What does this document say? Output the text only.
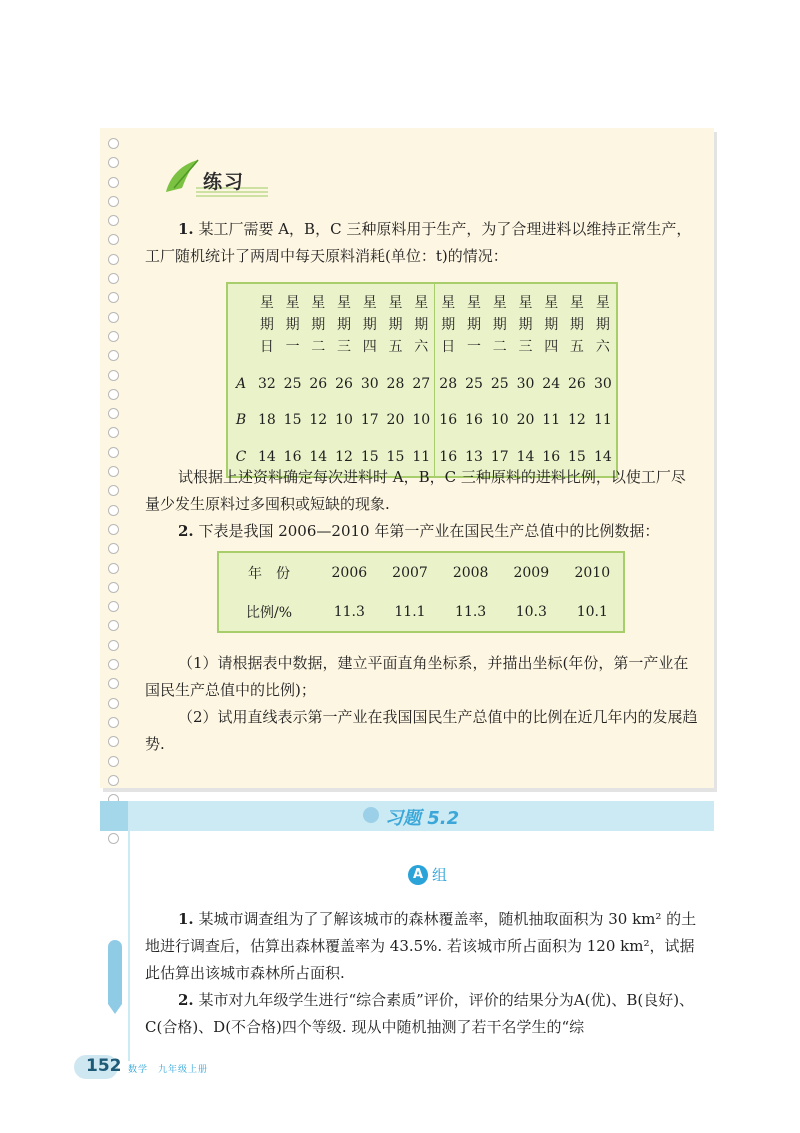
练习

1. 某工厂需要 A，B，C 三种原料用于生产，为了合理进料以维持正常生产，工厂随机统计了两周中每天原料消耗(单位：t)的情况：

	星期日	星期一	星期二	星期三	星期四	星期五	星期六	星期日	星期一	星期二	星期三	星期四	星期五	星期六
A	32	25	26	26	30	28	27	28	25	25	30	24	26	30
B	18	15	12	10	17	20	10	16	16	10	20	11	12	11
C	14	16	14	12	15	15	11	16	13	17	14	16	15	14

试根据上述资料确定每次进料时 A，B，C 三种原料的进料比例，以使工厂尽量少发生原料过多囤积或短缺的现象.

2. 下表是我国 2006—2010 年第一产业在国民生产总值中的比例数据：

年　份	2006	2007	2008	2009	2010
比例/%	11.3	11.1	11.3	10.3	10.1

（1）请根据表中数据，建立平面直角坐标系，并描出坐标(年份，第一产业在国民生产总值中的比例)；

（2）试用直线表示第一产业在我国国民生产总值中的比例在近几年内的发展趋势.

习题 5.2
A 组

1. 某城市调查组为了了解该城市的森林覆盖率，随机抽取面积为 30 km² 的土地进行调查后，估算出森林覆盖率为 43.5%. 若该城市所占面积为 120 km²，试据此估算出该城市森林所占面积.

2. 某市对九年级学生进行“综合素质”评价，评价的结果分为A(优)、B(良好)、C(合格)、D(不合格)四个等级. 现从中随机抽测了若干名学生的“综

152 数学　九年级上册
